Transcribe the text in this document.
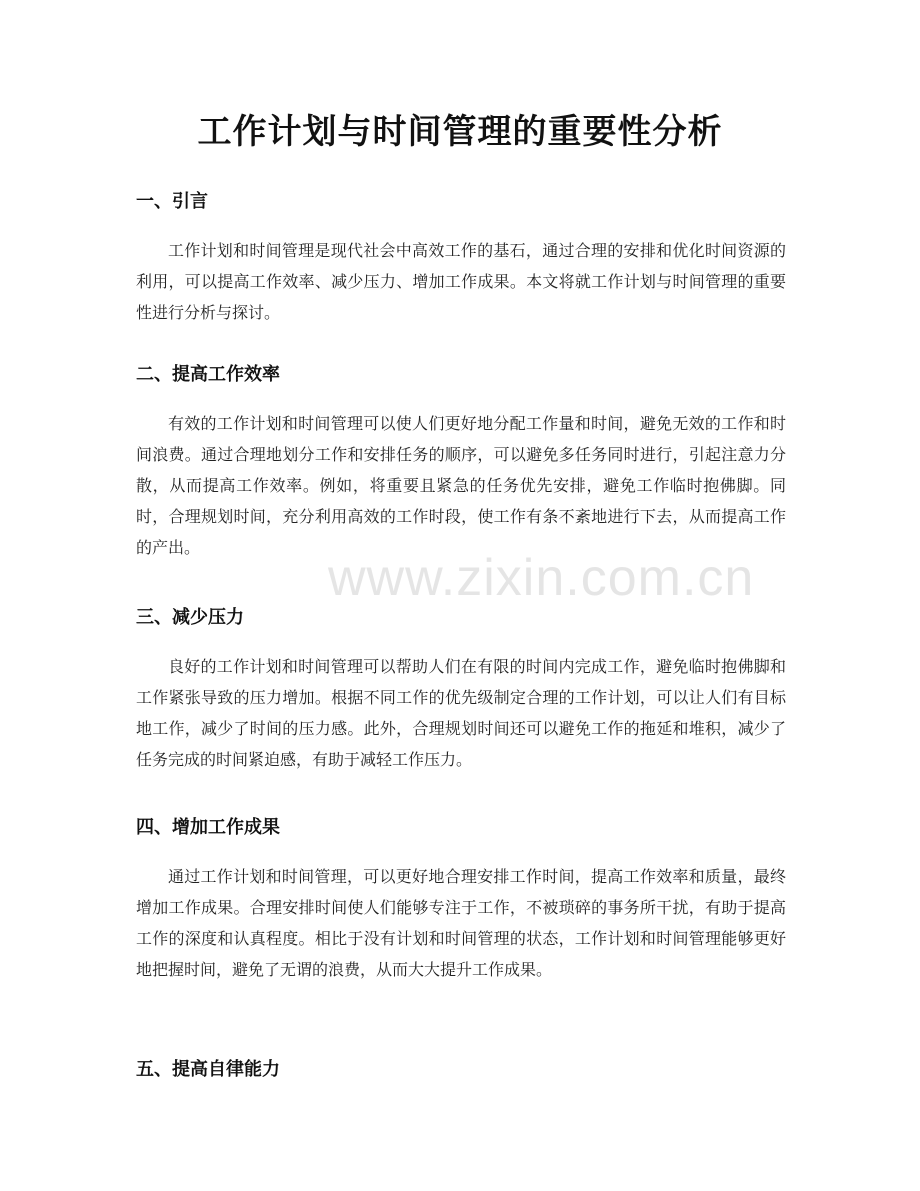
工作计划与时间管理的重要性分析
一、引言

工作计划和时间管理是现代社会中高效工作的基石，通过合理的安排和优化时间资源的利用，可以提高工作效率、减少压力、增加工作成果。本文将就工作计划与时间管理的重要性进行分析与探讨。

二、提高工作效率

有效的工作计划和时间管理可以使人们更好地分配工作量和时间，避免无效的工作和时间浪费。通过合理地划分工作和安排任务的顺序，可以避免多任务同时进行，引起注意力分散，从而提高工作效率。例如，将重要且紧急的任务优先安排，避免工作临时抱佛脚。同时，合理规划时间，充分利用高效的工作时段，使工作有条不紊地进行下去，从而提高工作的产出。

三、减少压力

良好的工作计划和时间管理可以帮助人们在有限的时间内完成工作，避免临时抱佛脚和工作紧张导致的压力增加。根据不同工作的优先级制定合理的工作计划，可以让人们有目标地工作，减少了时间的压力感。此外，合理规划时间还可以避免工作的拖延和堆积，减少了任务完成的时间紧迫感，有助于减轻工作压力。

四、增加工作成果

通过工作计划和时间管理，可以更好地合理安排工作时间，提高工作效率和质量，最终增加工作成果。合理安排时间使人们能够专注于工作，不被琐碎的事务所干扰，有助于提高工作的深度和认真程度。相比于没有计划和时间管理的状态，工作计划和时间管理能够更好地把握时间，避免了无谓的浪费，从而大大提升工作成果。

五、提高自律能力
www.zixin.com.cn
